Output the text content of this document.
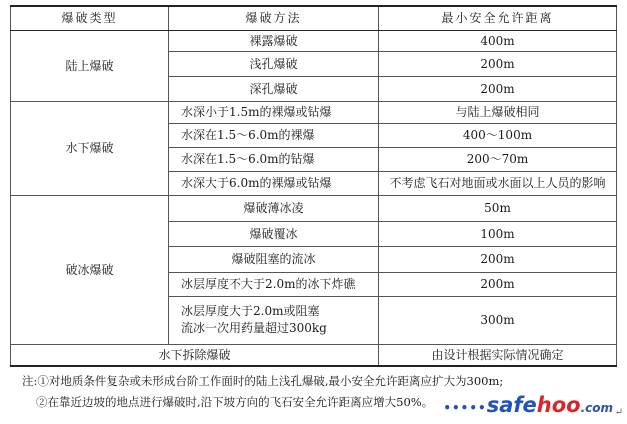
爆破类型	爆破方法	最小安全允许距离
陆上爆破	裸露爆破	400m
	浅孔爆破	200m
	深孔爆破	200m
水下爆破	水深小于1.5m的裸爆或钻爆	与陆上爆破相同
	水深在1.5～6.0m的裸爆	400～100m
	水深在1.5～6.0m的钻爆	200～70m
	水深大于6.0m的裸爆或钻爆	不考虑飞石对地面或水面以上人员的影响
破冰爆破	爆破薄冰凌	50m
	爆破覆冰	100m
	爆破阻塞的流冰	200m
	冰层厚度不大于2.0m的冰下炸礁	200m

	冰层厚度大于2.0m或阻塞
流冰一次用药量超过300kg	300m
水下拆除爆破		由设计根据实际情况确定
注:①对地质条件复杂或未形成台阶工作面时的陆上浅孔爆破,最小安全允许距离应扩大为300m;
②在靠近边坡的地点进行爆破时,沿下坡方向的飞石安全允许距离应增大50%。 •••••safehoo.com ↵
